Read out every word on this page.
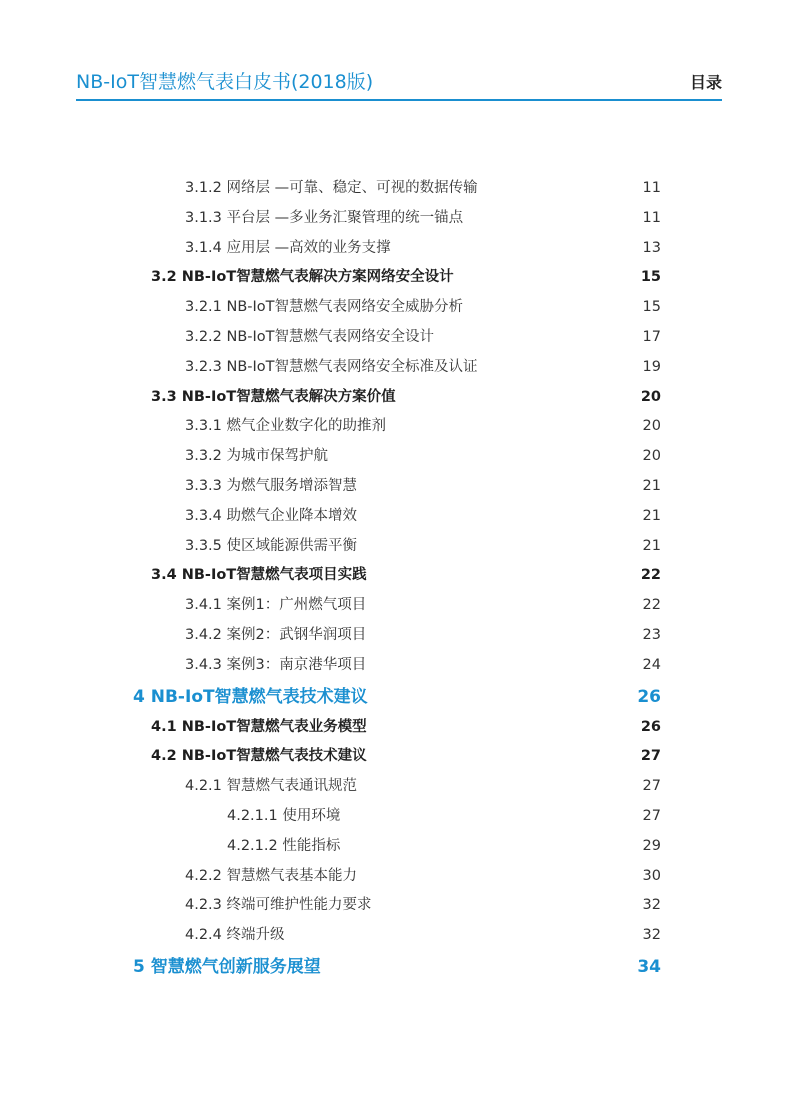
NB-IoT智慧燃气表白皮书(2018版)	目录
3.1.2 网络层 —可靠、稳定、可视的数据传输	11
3.1.3 平台层 —多业务汇聚管理的统一锚点	11
3.1.4 应用层 —高效的业务支撑	13
3.2 NB-IoT智慧燃气表解决方案网络安全设计	15
3.2.1 NB-IoT智慧燃气表网络安全威胁分析	15
3.2.2 NB-IoT智慧燃气表网络安全设计	17
3.2.3 NB-IoT智慧燃气表网络安全标准及认证	19
3.3 NB-IoT智慧燃气表解决方案价值	20
3.3.1 燃气企业数字化的助推剂	20
3.3.2 为城市保驾护航	20
3.3.3 为燃气服务增添智慧	21
3.3.4 助燃气企业降本增效	21
3.3.5 使区域能源供需平衡	21
3.4 NB-IoT智慧燃气表项目实践	22
3.4.1 案例1：广州燃气项目	22
3.4.2 案例2：武钢华润项目	23
3.4.3 案例3：南京港华项目	24
4 NB-IoT智慧燃气表技术建议	26
4.1 NB-IoT智慧燃气表业务模型	26
4.2 NB-IoT智慧燃气表技术建议	27
4.2.1 智慧燃气表通讯规范	27
4.2.1.1 使用环境	27
4.2.1.2 性能指标	29
4.2.2 智慧燃气表基本能力	30
4.2.3 终端可维护性能力要求	32
4.2.4 终端升级	32
5 智慧燃气创新服务展望	34
